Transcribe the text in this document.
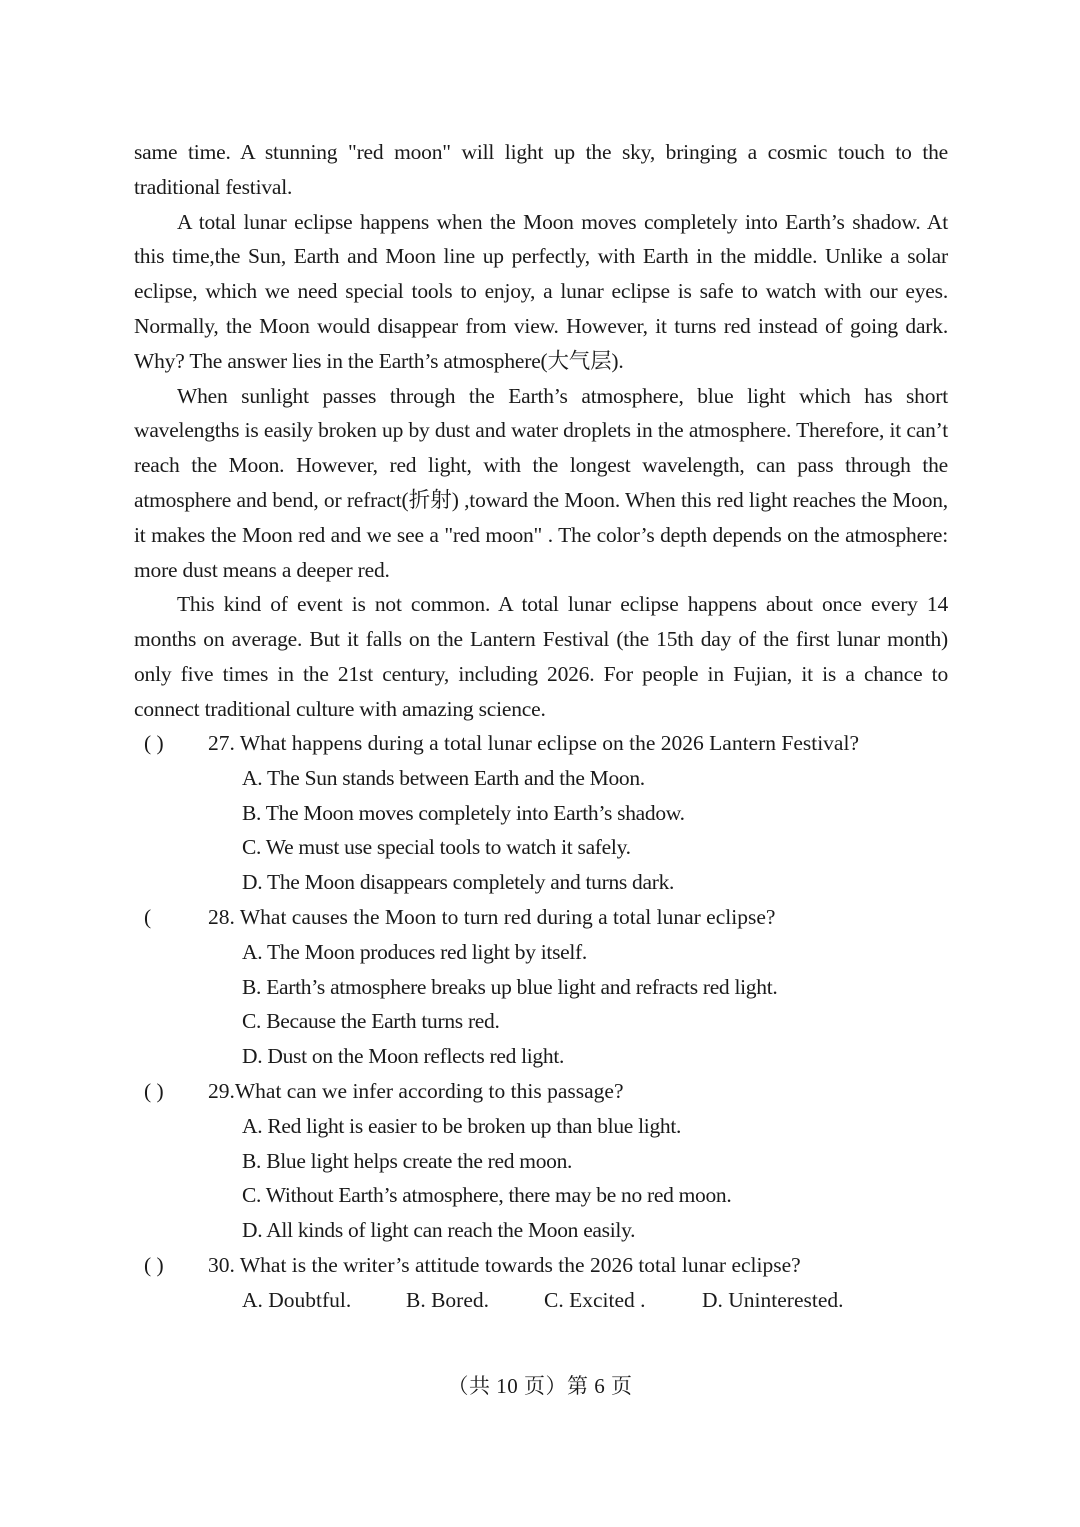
same time. A stunning "red moon" will light up the sky, bringing a cosmic touch to the traditional festival.

A total lunar eclipse happens when the Moon moves completely into Earth’s shadow. At this time,the Sun, Earth and Moon line up perfectly, with Earth in the middle. Unlike a solar eclipse, which we need special tools to enjoy, a lunar eclipse is safe to watch with our eyes. Normally, the Moon would disappear from view. However, it turns red instead of going dark. Why? The answer lies in the Earth’s atmosphere(大气层).

When sunlight passes through the Earth’s atmosphere, blue light which has short wavelengths is easily broken up by dust and water droplets in the atmosphere. Therefore, it can’t reach the Moon. However, red light, with the longest wavelength, can pass through the atmosphere and bend, or refract(折射) ,toward the Moon. When this red light reaches the Moon, it makes the Moon red and we see a "red moon" . The color’s depth depends on the atmosphere: more dust means a deeper red.

This kind of event is not common. A total lunar eclipse happens about once every 14 months on average. But it falls on the Lantern Festival (the 15th day of the first lunar month) only five times in the 21st century, including 2026. For people in Fujian, it is a chance to connect traditional culture with amazing science.

( )	27. What happens during a total lunar eclipse on the 2026 Lantern Festival?
A. The Sun stands between Earth and the Moon.
B. The Moon moves completely into Earth’s shadow.
C. We must use special tools to watch it safely.
D. The Moon disappears completely and turns dark.
(	28. What causes the Moon to turn red during a total lunar eclipse?
A. The Moon produces red light by itself.
B. Earth’s atmosphere breaks up blue light and refracts red light.
C. Because the Earth turns red.
D. Dust on the Moon reflects red light.
( )	29.What can we infer according to this passage?
A. Red light is easier to be broken up than blue light.
B. Blue light helps create the red moon.
C. Without Earth’s atmosphere, there may be no red moon.
D. All kinds of light can reach the Moon easily.
( )	30. What is the writer’s attitude towards the 2026 total lunar eclipse?
A. Doubtful.	B. Bored.	C. Excited .	D. Uninterested.
（共 10 页）第 6 页
